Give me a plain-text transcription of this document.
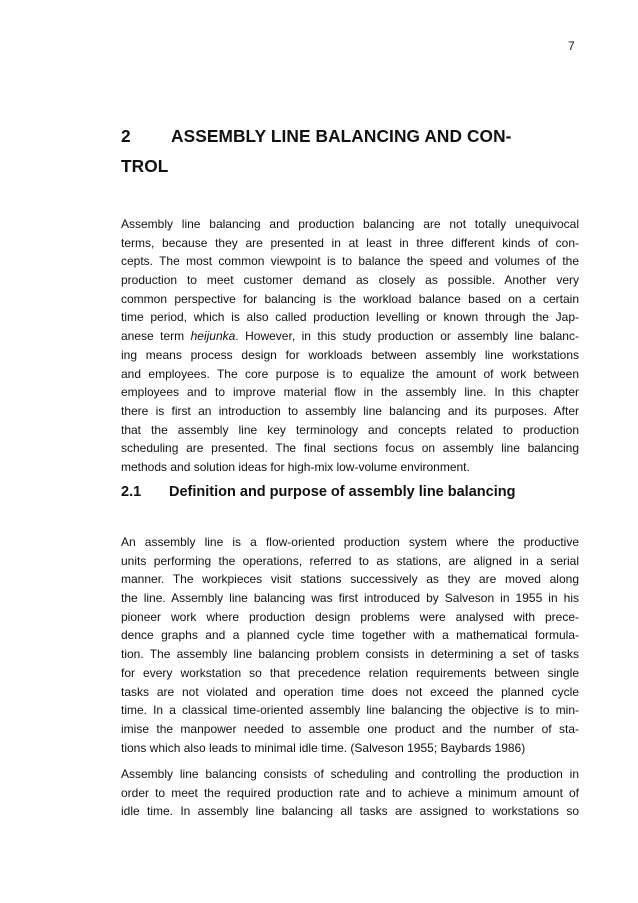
7
2 ASSEMBLY LINE BALANCING AND CON-
TROL
Assembly line balancing and production balancing are not totally unequivocal
terms, because they are presented in at least in three different kinds of con-
cepts. The most common viewpoint is to balance the speed and volumes of the
production to meet customer demand as closely as possible. Another very
common perspective for balancing is the workload balance based on a certain
time period, which is also called production levelling or known through the Jap-
anese term heijunka. However, in this study production or assembly line balanc-
ing means process design for workloads between assembly line workstations
and employees. The core purpose is to equalize the amount of work between
employees and to improve material flow in the assembly line. In this chapter
there is first an introduction to assembly line balancing and its purposes. After
that the assembly line key terminology and concepts related to production
scheduling are presented. The final sections focus on assembly line balancing
methods and solution ideas for high-mix low-volume environment.
2.1 Definition and purpose of assembly line balancing
An assembly line is a flow-oriented production system where the productive
units performing the operations, referred to as stations, are aligned in a serial
manner. The workpieces visit stations successively as they are moved along
the line. Assembly line balancing was first introduced by Salveson in 1955 in his
pioneer work where production design problems were analysed with prece-
dence graphs and a planned cycle time together with a mathematical formula-
tion. The assembly line balancing problem consists in determining a set of tasks
for every workstation so that precedence relation requirements between single
tasks are not violated and operation time does not exceed the planned cycle
time. In a classical time-oriented assembly line balancing the objective is to min-
imise the manpower needed to assemble one product and the number of sta-
tions which also leads to minimal idle time. (Salveson 1955; Baybards 1986)
Assembly line balancing consists of scheduling and controlling the production in
order to meet the required production rate and to achieve a minimum amount of
idle time. In assembly line balancing all tasks are assigned to workstations so
